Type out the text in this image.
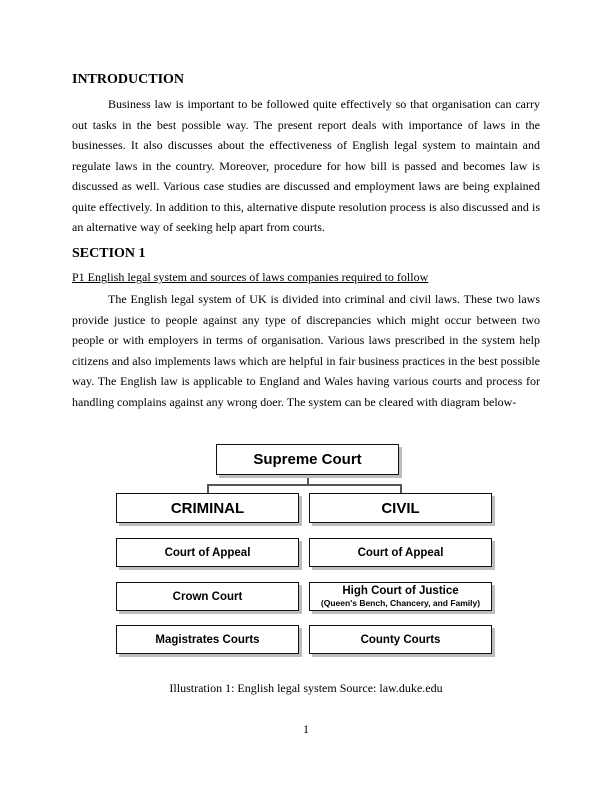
INTRODUCTION

Business law is important to be followed quite effectively so that organisation can carry out tasks in the best possible way. The present report deals with importance of laws in the businesses. It also discusses about the effectiveness of English legal system to maintain and regulate laws in the country. Moreover, procedure for how bill is passed and becomes law is discussed as well. Various case studies are discussed and employment laws are being explained quite effectively. In addition to this, alternative dispute resolution process is also discussed and is an alternative way of seeking help apart from courts.

SECTION 1

P1 English legal system and sources of laws companies required to follow

The English legal system of UK is divided into criminal and civil laws. These two laws provide justice to people against any type of discrepancies which might occur between two people or with employers in terms of organisation. Various laws prescribed in the system help citizens and also implements laws which are helpful in fair business practices in the best possible way. The English law is applicable to England and Wales having various courts and process for handling complains against any wrong doer. The system can be cleared with diagram below-

Supreme Court
CRIMINAL	CIVIL
Court of Appeal	Court of Appeal
Crown Court	High Court of Justice
(Queen's Bench, Chancery, and Family)
Magistrates Courts	County Courts

Illustration 1: English legal system Source: law.duke.edu

1
